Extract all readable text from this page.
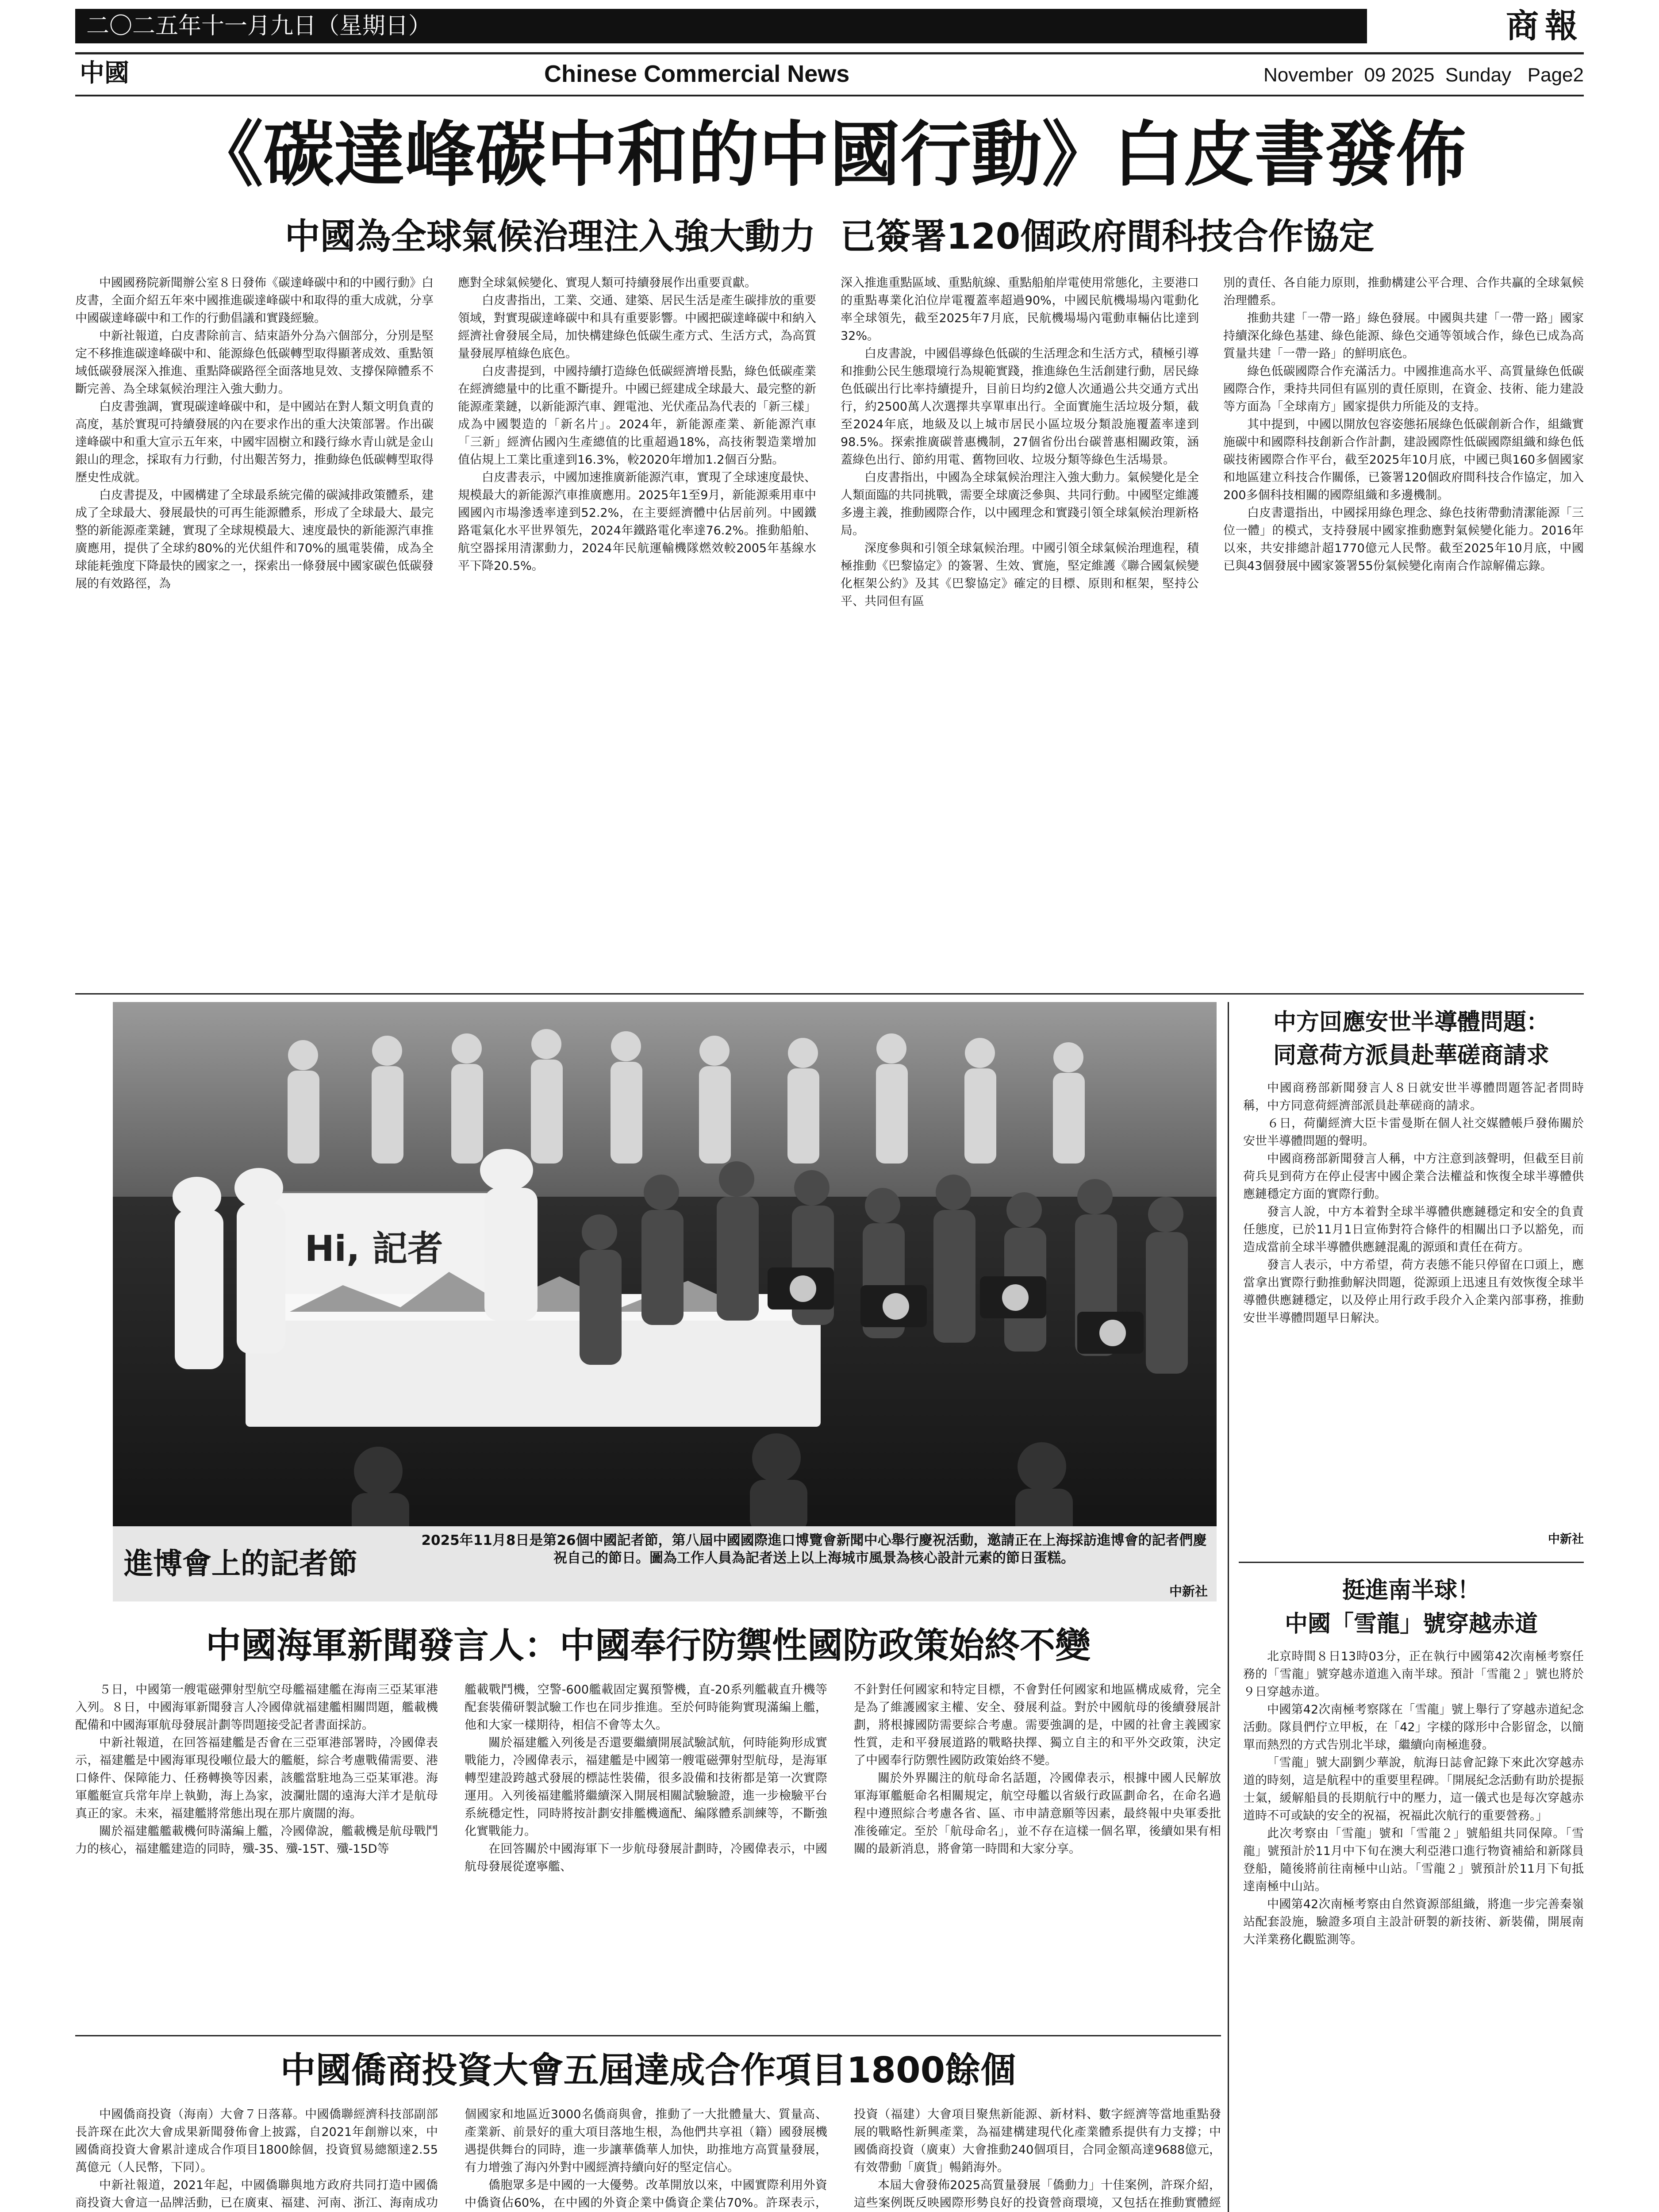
二〇二五年十一月九日（星期日）	商報
中國	Chinese Commercial News	November  09 2025  Sunday   Page2
《碳達峰碳中和的中國行動》白皮書發佈
中國為全球氣候治理注入強大動力  已簽署120個政府間科技合作協定

中國國務院新聞辦公室８日發佈《碳達峰碳中和的中國行動》白皮書，全面介紹五年來中國推進碳達峰碳中和取得的重大成就，分享中國碳達峰碳中和工作的行動倡議和實踐經驗。

中新社報道，白皮書除前言、結束語外分為六個部分，分別是堅定不移推進碳達峰碳中和、能源綠色低碳轉型取得顯著成效、重點領域低碳發展深入推進、重點降碳路徑全面落地見效、支撐保障體系不斷完善、為全球氣候治理注入強大動力。

白皮書強調，實現碳達峰碳中和，是中國站在對人類文明負責的高度，基於實現可持續發展的內在要求作出的重大決策部署。作出碳達峰碳中和重大宣示五年來，中國牢固樹立和踐行綠水青山就是金山銀山的理念，採取有力行動，付出艱苦努力，推動綠色低碳轉型取得歷史性成就。

白皮書提及，中國構建了全球最系統完備的碳減排政策體系，建成了全球最大、發展最快的可再生能源體系，形成了全球最大、最完整的新能源產業鏈，實現了全球規模最大、速度最快的新能源汽車推廣應用，提供了全球約80%的光伏組件和70%的風電裝備，成為全球能耗強度下降最快的國家之一，探索出一條發展中國家碳色低碳發展的有效路徑，為

應對全球氣候變化、實現人類可持續發展作出重要貢獻。

白皮書指出，工業、交通、建築、居民生活是產生碳排放的重要領域，對實現碳達峰碳中和具有重要影響。中國把碳達峰碳中和納入經濟社會發展全局，加快構建綠色低碳生產方式、生活方式，為高質量發展厚植綠色底色。

白皮書提到，中國持續打造綠色低碳經濟增長點，綠色低碳產業在經濟總量中的比重不斷提升。中國已經建成全球最大、最完整的新能源產業鏈，以新能源汽車、鋰電池、光伏產品為代表的「新三樣」成為中國製造的「新名片」。2024年，新能源產業、新能源汽車「三新」經濟佔國內生產總值的比重超過18%，高技術製造業增加值佔規上工業比重達到16.3%，較2020年增加1.2個百分點。

白皮書表示，中國加速推廣新能源汽車，實現了全球速度最快、規模最大的新能源汽車推廣應用。2025年1至9月，新能源乘用車中國國內市場滲透率達到52.2%，在主要經濟體中佔居前列。中國鐵路電氣化水平世界領先，2024年鐵路電化率達76.2%。推動船舶、航空器採用清潔動力，2024年民航運輸機隊燃效較2005年基線水平下降20.5%。

深入推進重點區域、重點航線、重點船舶岸電使用常態化，主要港口的重點專業化泊位岸電覆蓋率超過90%，中國民航機場場內電動化率全球領先，截至2025年7月底，民航機場場內電動車輛佔比達到32%。

白皮書說，中國倡導綠色低碳的生活理念和生活方式，積極引導和推動公民生態環境行為規範實踐，推進綠色生活創建行動，居民綠色低碳出行比率持續提升，目前日均約2億人次通過公共交通方式出行，約2500萬人次選擇共享單車出行。全面實施生活垃圾分類，截至2024年底，地級及以上城市居民小區垃圾分類設施覆蓋率達到98.5%。探索推廣碳普惠機制，27個省份出台碳普惠相關政策，涵蓋綠色出行、節約用電、舊物回收、垃圾分類等綠色生活場景。

白皮書指出，中國為全球氣候治理注入強大動力。氣候變化是全人類面臨的共同挑戰，需要全球廣泛參與、共同行動。中國堅定維護多邊主義，推動國際合作，以中國理念和實踐引領全球氣候治理新格局。

深度參與和引領全球氣候治理。中國引領全球氣候治理進程，積極推動《巴黎協定》的簽署、生效、實施，堅定維護《聯合國氣候變化框架公約》及其《巴黎協定》確定的目標、原則和框架，堅持公平、共同但有區

別的責任、各自能力原則，推動構建公平合理、合作共贏的全球氣候治理體系。

推動共建「一帶一路」綠色發展。中國與共建「一帶一路」國家持續深化綠色基建、綠色能源、綠色交通等領域合作，綠色已成為高質量共建「一帶一路」的鮮明底色。

綠色低碳國際合作充滿活力。中國推進高水平、高質量綠色低碳國際合作，秉持共同但有區別的責任原則，在資金、技術、能力建設等方面為「全球南方」國家提供力所能及的支持。

其中提到，中國以開放包容姿態拓展綠色低碳創新合作，組織實施碳中和國際科技創新合作計劃，建設國際性低碳國際組織和綠色低碳技術國際合作平台，截至2025年10月底，中國已與160多個國家和地區建立科技合作關係，已簽署120個政府間科技合作協定，加入200多個科技相關的國際組織和多邊機制。

白皮書還指出，中國採用綠色理念、綠色技術帶動清潔能源「三位一體」的模式，支持發展中國家推動應對氣候變化能力。2016年以來，共安排總計超1770億元人民幣。截至2025年10月底，中國已與43個發展中國家簽署55份氣候變化南南合作諒解備忘錄。

Hi, 記者
進博會上的記者節
2025年11月8日是第26個中國記者節，第八屆中國國際進口博覽會新聞中心舉行慶祝活動，邀請正在上海採訪進博會的記者們慶祝自己的節日。圖為工作人員為記者送上以上海城市風景為核心設計元素的節日蛋糕。
中新社
中方回應安世半導體問題：
同意荷方派員赴華磋商請求

中國商務部新聞發言人８日就安世半導體問題答記者問時稱，中方同意荷經濟部派員赴華磋商的請求。

６日，荷蘭經濟大臣卡雷曼斯在個人社交媒體帳戶發佈關於安世半導體問題的聲明。

中國商務部新聞發言人稱，中方注意到該聲明，但截至目前荷兵見到荷方在停止侵害中國企業合法權益和恢復全球半導體供應鏈穩定方面的實際行動。

發言人說，中方本着對全球半導體供應鏈穩定和安全的負責任態度，已於11月1日宣佈對符合條件的相關出口予以豁免，而造成當前全球半導體供應鏈混亂的源頭和責任在荷方。

發言人表示，中方希望，荷方表態不能只停留在口頭上，應當拿出實際行動推動解決問題，從源頭上迅速且有效恢復全球半導體供應鏈穩定，以及停止用行政手段介入企業內部事務，推動安世半導體問題早日解決。

中新社

挺進南半球！
中國「雪龍」號穿越赤道

北京時間８日13時03分，正在執行中國第42次南極考察任務的「雪龍」號穿越赤道進入南半球。預計「雪龍２」號也將於９日穿越赤道。

中國第42次南極考察隊在「雪龍」號上舉行了穿越赤道紀念活動。隊員們佇立甲板，在「42」字樣的隊形中合影留念，以簡單而熱烈的方式告別北半球，繼續向南極進發。

「雪龍」號大副劉少華說，航海日誌會記錄下來此次穿越赤道的時刻，這是航程中的重要里程碑。「開展紀念活動有助於提振士氣，緩解船員的長期航行中的壓力，這一儀式也是每次穿越赤道時不可或缺的安全的祝福，祝福此次航行的重要營務。」

此次考察由「雪龍」號和「雪龍２」號船組共同保障。「雪龍」號預計於11月中下旬在澳大利亞港口進行物資補給和新隊員登船，隨後將前往南極中山站。「雪龍２」號預計於11月下旬抵達南極中山站。

中國第42次南極考察由自然資源部組織，將進一步完善秦嶺站配套設施，驗證多項自主設計研製的新技術、新裝備，開展南大洋業務化觀監測等。

中國海軍新聞發言人：中國奉行防禦性國防政策始終不變

５日，中國第一艘電磁彈射型航空母艦福建艦在海南三亞某軍港入列。８日，中國海軍新聞發言人冷國偉就福建艦相關問題，艦載機配備和中國海軍航母發展計劃等問題接受記者書面採訪。

中新社報道，在回答福建艦是否會在三亞軍港部署時，冷國偉表示，福建艦是中國海軍現役噸位最大的艦艇，綜合考慮戰備需要、港口條件、保障能力、任務轉換等因素，該艦當駐地為三亞某軍港。海軍艦艇宣兵常年岸上執勤，海上為家，波瀾壯闊的遠海大洋才是航母真正的家。未來，福建艦將常態出現在那片廣闊的海。

關於福建艦艦載機何時滿編上艦，冷國偉說，艦載機是航母戰鬥力的核心，福建艦建造的同時，殲-35、殲-15T、殲-15D等

艦載戰鬥機，空警-600艦載固定翼預警機，直-20系列艦載直升機等配套裝備研製試驗工作也在同步推進。至於何時能夠實現滿編上艦，他和大家一樣期待，相信不會等太久。

關於福建艦入列後是否還要繼續開展試驗試航，何時能夠形成實戰能力，冷國偉表示，福建艦是中國第一艘電磁彈射型航母，是海軍轉型建設跨越式發展的標誌性裝備，很多設備和技術都是第一次實際運用。入列後福建艦將繼續深入開展相關試驗驗證，進一步檢驗平台系統穩定性，同時將按計劃安排艦機適配、編隊體系訓練等，不斷強化實戰能力。

在回答關於中國海軍下一步航母發展計劃時，冷國偉表示，中國航母發展從遼寧艦、

不針對任何國家和特定目標，不會對任何國家和地區構成威脅，完全是為了維護國家主權、安全、發展利益。對於中國航母的後續發展計劃，將根據國防需要綜合考慮。需要強調的是，中國的社會主義國家性質，走和平發展道路的戰略抉擇、獨立自主的和平外交政策，決定了中國奉行防禦性國防政策始終不變。

關於外界關注的航母命名話題，冷國偉表示，根據中國人民解放軍海軍艦艇命名相關規定，航空母艦以省級行政區劃命名，在命名過程中遵照綜合考慮各省、區、市申請意願等因素，最終報中央軍委批准後確定。至於「航母命名」，並不存在這樣一個名單，後續如果有相關的最新消息，將會第一時間和大家分享。

中國僑商投資大會五屆達成合作項目1800餘個

中國僑商投資（海南）大會７日落幕。中國僑聯經濟科技部副部長許琛在此次大會成果新聞發佈會上披露，自2021年創辦以來，中國僑商投資大會累計達成合作項目1800餘個，投資貿易總額達2.55萬億元（人民幣，下同）。

中新社報道，2021年起，中國僑聯與地方政府共同打造中國僑商投資大會這一品牌活動，已在廣東、福建、河南、浙江、海南成功

個國家和地區近3000名僑商與會，推動了一大批體量大、質量高、產業新、前景好的重大項目落地生根，為他們共享祖（籍）國發展機遇提供舞台的同時，進一步讓華僑華人加快，助推地方高質量發展，有力增強了海內外對中國經濟持續向好的堅定信心。

僑胞眾多是中國的一大優勢。改革開放以來，中國實際利用外資中僑資佔60%，在中國的外資企業中僑資企業佔70%。許琛表示，

投資（福建）大會項目聚焦新能源、新材料、數字經濟等當地重點發展的戰略性新興產業，為福建構建現代化產業體系提供有力支撐；中國僑商投資（廣東）大會推動240個項目，合同金額高達9688億元，有效帶動「廣貨」暢銷海外。

本屆大會發佈2025高質量發展「僑動力」十佳案例，許琛介紹，這些案例既反映國際形勢良好的投資營商環境，又包括在推動實體經
